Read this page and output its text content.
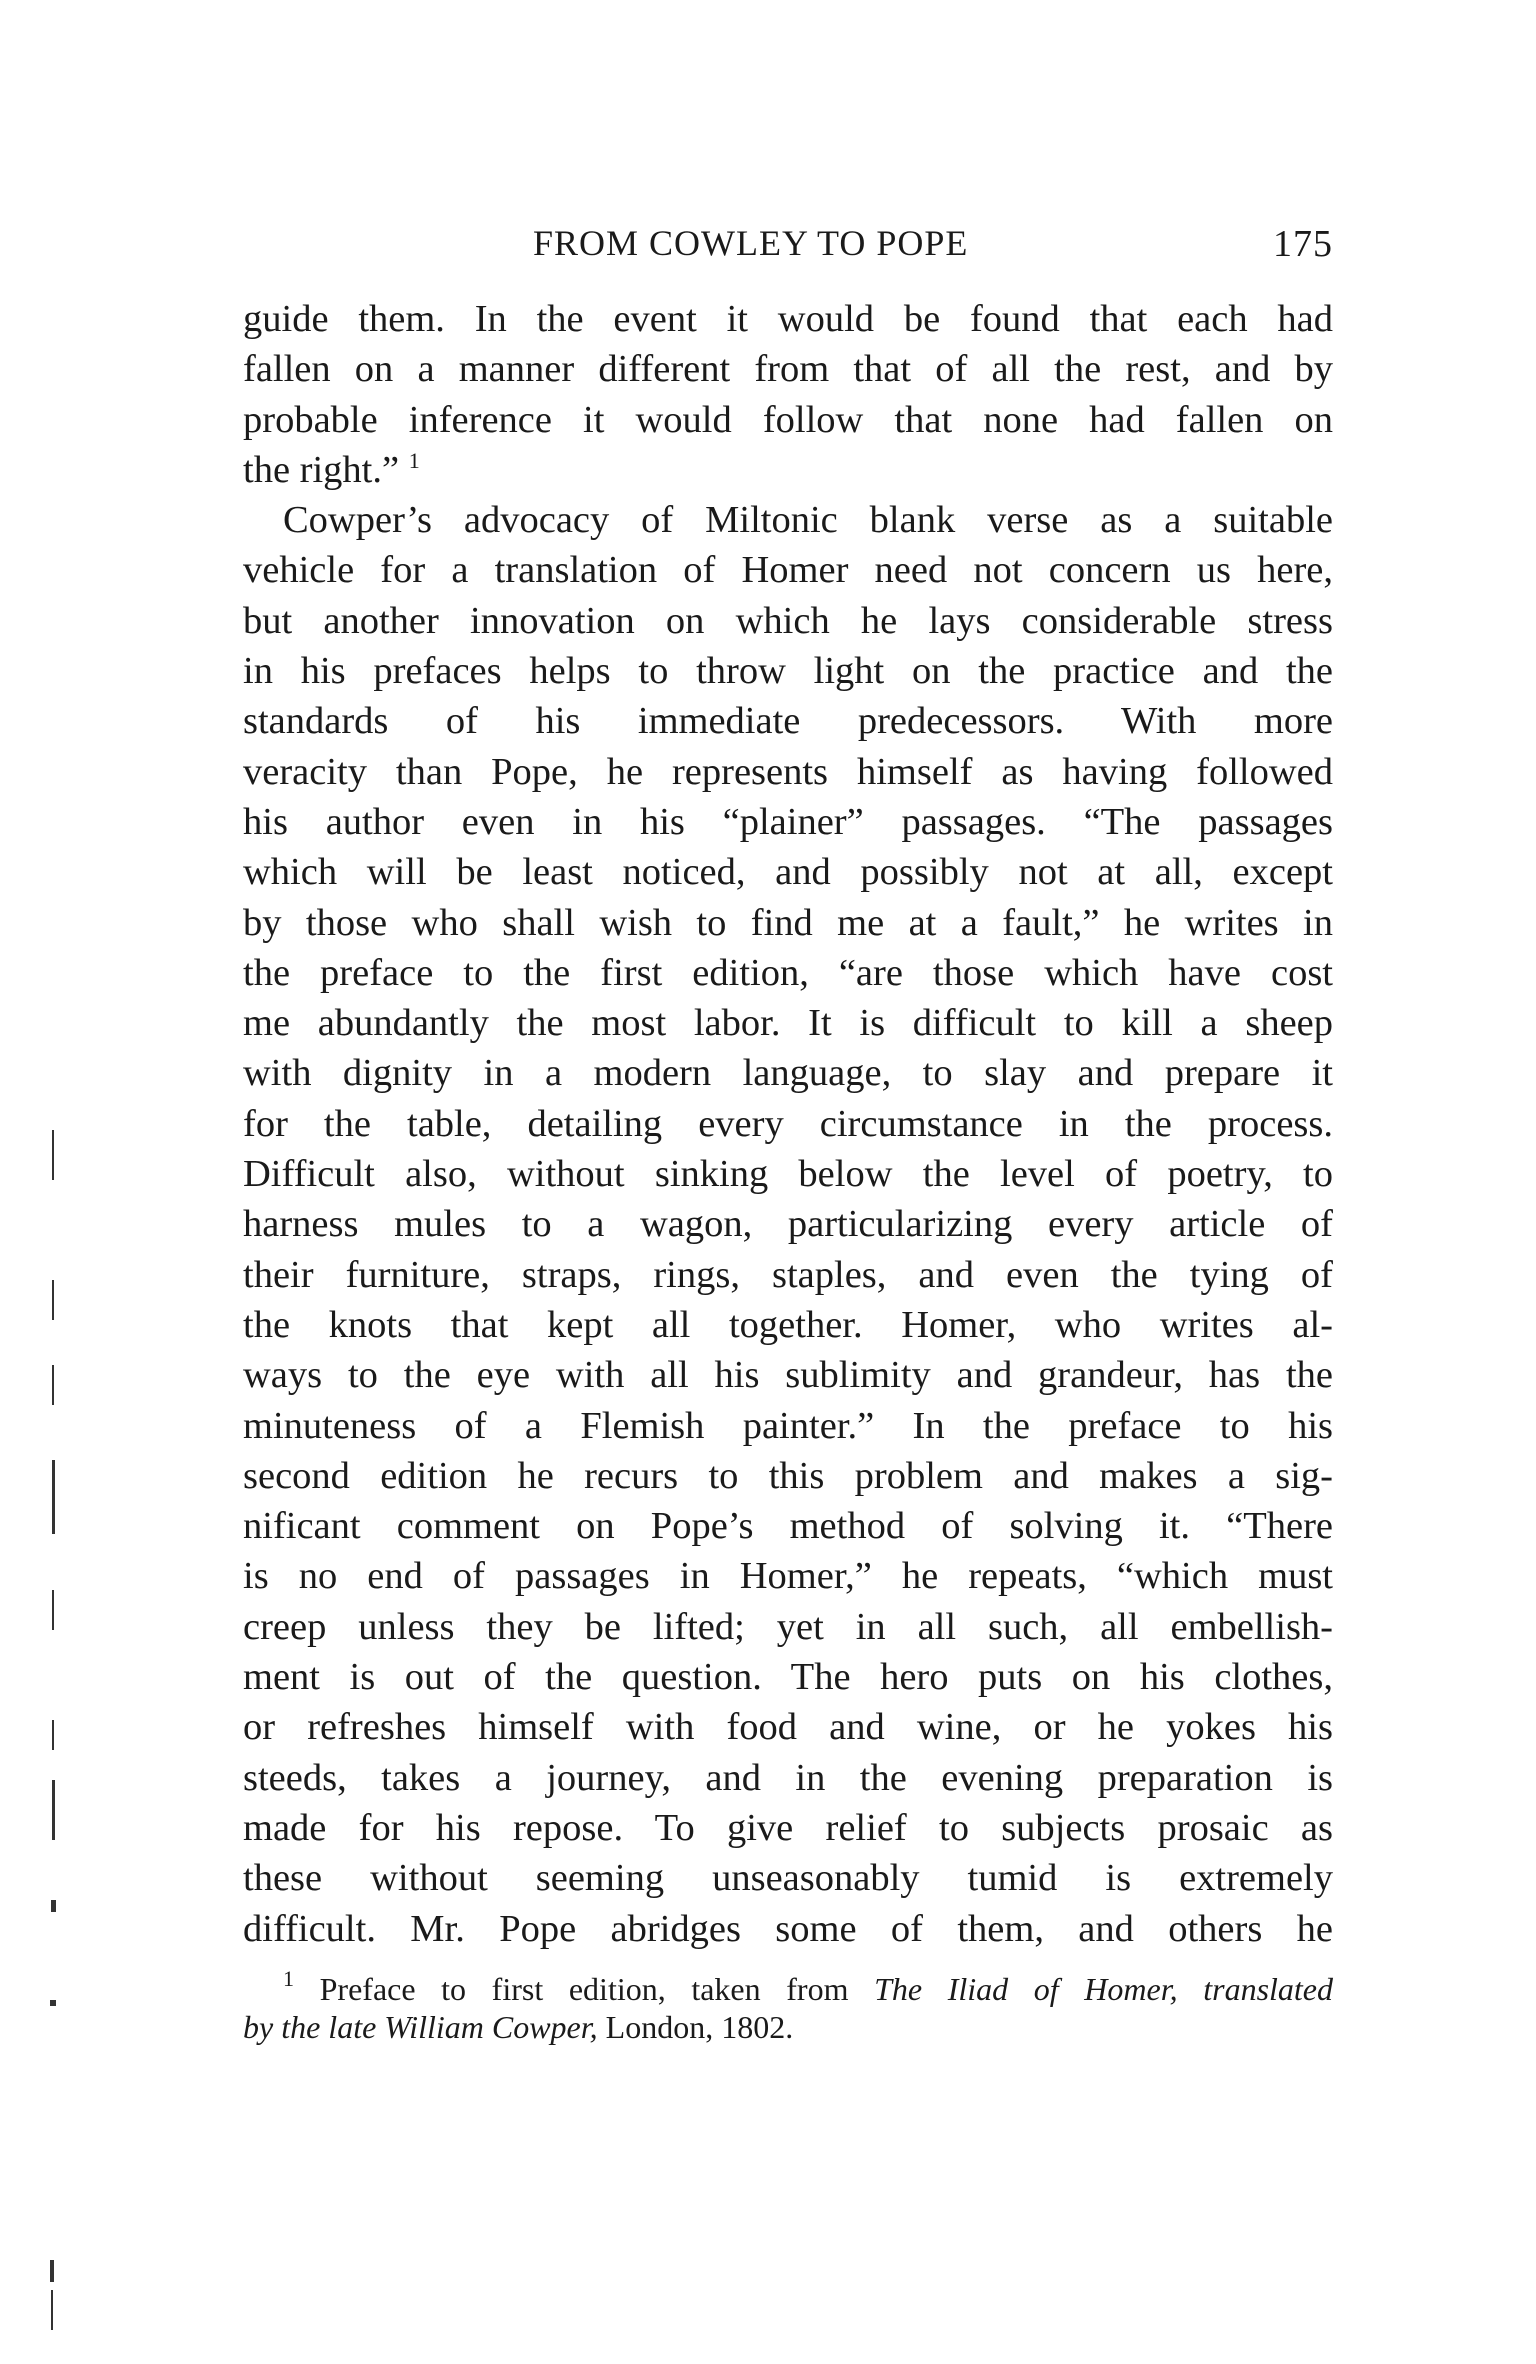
FROM COWLEY TO POPE	175
guide them. In the event it would be found that each had
fallen on a manner different from that of all the rest, and by
probable inference it would follow that none had fallen on
the right.” $^1$
Cowper’s advocacy of Miltonic blank verse as a suitable
vehicle for a translation of Homer need not concern us here,
but another innovation on which he lays considerable stress
in his prefaces helps to throw light on the practice and the
standards of his immediate predecessors. With more
veracity than Pope, he represents himself as having followed
his author even in his “plainer” passages. “The passages
which will be least noticed, and possibly not at all, except
by those who shall wish to find me at a fault,” he writes in
the preface to the first edition, “are those which have cost
me abundantly the most labor. It is difficult to kill a sheep
with dignity in a modern language, to slay and prepare it
for the table, detailing every circumstance in the process.
Difficult also, without sinking below the level of poetry, to
harness mules to a wagon, particularizing every article of
their furniture, straps, rings, staples, and even the tying of
the knots that kept all together. Homer, who writes al-
ways to the eye with all his sublimity and grandeur, has the
minuteness of a Flemish painter.” In the preface to his
second edition he recurs to this problem and makes a sig-
nificant comment on Pope’s method of solving it. “There
is no end of passages in Homer,” he repeats, “which must
creep unless they be lifted; yet in all such, all embellish-
ment is out of the question. The hero puts on his clothes,
or refreshes himself with food and wine, or he yokes his
steeds, takes a journey, and in the evening preparation is
made for his repose. To give relief to subjects prosaic as
these without seeming unseasonably tumid is extremely
difficult. Mr. Pope abridges some of them, and others he
$^1$ Preface to first edition, taken from The Iliad of Homer, translated
by the late William Cowper, London, 1802.
